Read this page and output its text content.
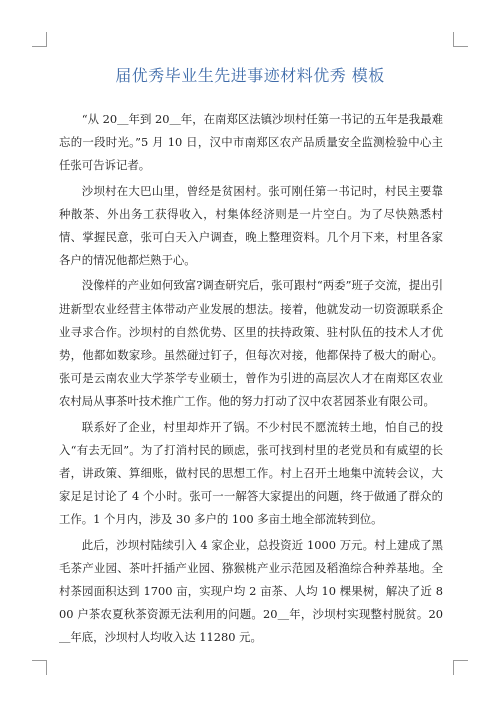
届优秀毕业生先进事迹材料优秀 模板

“从 20＿年到 20＿年，在南郑区法镇沙坝村任第一书记的五年是我最难忘的一段时光。”5 月 10 日，汉中市南郑区农产品质量安全监测检验中心主任张可告诉记者。

沙坝村在大巴山里，曾经是贫困村。张可刚任第一书记时，村民主要靠种散茶、外出务工获得收入，村集体经济则是一片空白。为了尽快熟悉村情、掌握民意，张可白天入户调查，晚上整理资料。几个月下来，村里各家各户的情况他都烂熟于心。

没像样的产业如何致富?调查研究后，张可跟村“两委”班子交流，提出引进新型农业经营主体带动产业发展的想法。接着，他就发动一切资源联系企业寻求合作。沙坝村的自然优势、区里的扶持政策、驻村队伍的技术人才优势，他都如数家珍。虽然碰过钉子，但每次对接，他都保持了极大的耐心。张可是云南农业大学茶学专业硕士，曾作为引进的高层次人才在南郑区农业农村局从事茶叶技术推广工作。他的努力打动了汉中农茗园茶业有限公司。

联系好了企业，村里却炸开了锅。不少村民不愿流转土地，怕自己的投入“有去无回”。为了打消村民的顾虑，张可找到村里的老党员和有威望的长者，讲政策、算细账，做村民的思想工作。村上召开土地集中流转会议，大家足足讨论了 4 个小时。张可一一解答大家提出的问题，终于做通了群众的工作。1 个月内，涉及 30 多户的 100 多亩土地全部流转到位。

此后，沙坝村陆续引入 4 家企业，总投资近 1000 万元。村上建成了黑毛茶产业园、茶叶扦插产业园、猕猴桃产业示范园及稻渔综合种养基地。全村茶园面积达到 1700 亩，实现户均 2 亩茶、人均 10 棵果树，解决了近 800 户茶农夏秋茶资源无法利用的问题。20＿年，沙坝村实现整村脱贫。20＿年底，沙坝村人均收入达 11280 元。
